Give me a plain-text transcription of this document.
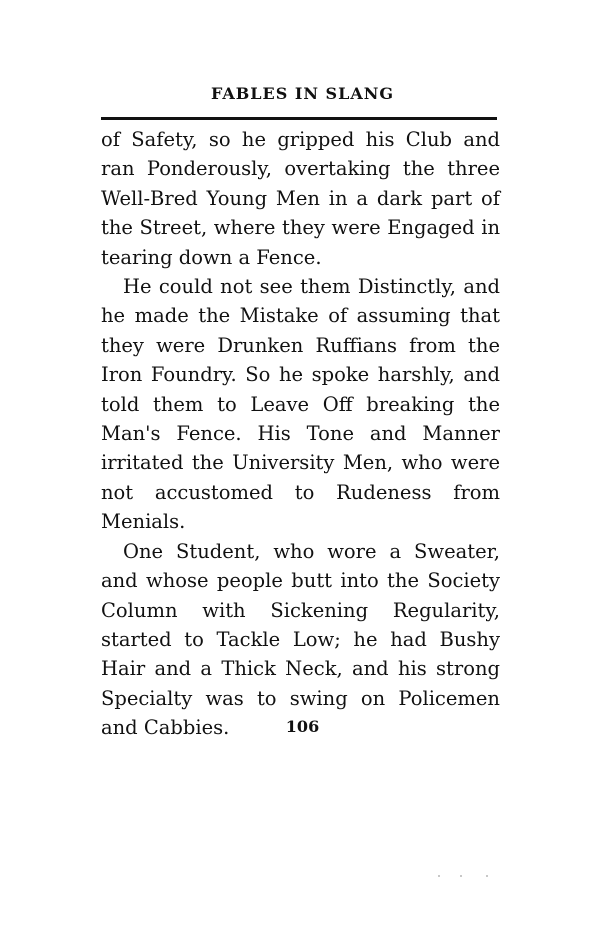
FABLES IN SLANG

of Safety, so he gripped his Club and ran Ponderously, overtaking the three Well-Bred Young Men in a dark part of the Street, where they were Engaged in tearing down a Fence.

He could not see them Distinctly, and he made the Mistake of assuming that they were Drunken Ruffians from the Iron Foundry. So he spoke harshly, and told them to Leave Off breaking the Man's Fence. His Tone and Manner irritated the University Men, who were not accustomed to Rudeness from Menials.

One Student, who wore a Sweater, and whose people butt into the Society Column with Sickening Regularity, started to Tackle Low; he had Bushy Hair and a Thick Neck, and his strong Specialty was to swing on Policemen and Cabbies.	106
